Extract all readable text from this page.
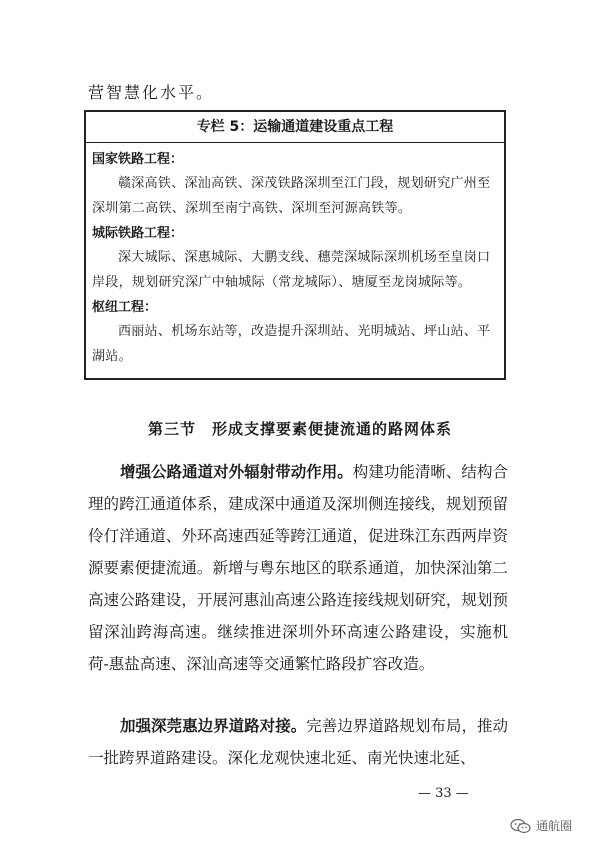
营智慧化水平。
专栏 5：运输通道建设重点工程
国家铁路工程：
赣深高铁、深汕高铁、深茂铁路深圳至江门段，规划研究广州至深圳第二高铁、深圳至南宁高铁、深圳至河源高铁等。
城际铁路工程：
深大城际、深惠城际、大鹏支线、穗莞深城际深圳机场至皇岗口岸段，规划研究深广中轴城际（常龙城际）、塘厦至龙岗城际等。
枢纽工程：
西丽站、机场东站等，改造提升深圳站、光明城站、坪山站、平湖站。
第三节　形成支撑要素便捷流通的路网体系
增强公路通道对外辐射带动作用。构建功能清晰、结构合理的跨江通道体系，建成深中通道及深圳侧连接线，规划预留伶仃洋通道、外环高速西延等跨江通道，促进珠江东西两岸资源要素便捷流通。新增与粤东地区的联系通道，加快深汕第二高速公路建设，开展河惠汕高速公路连接线规划研究，规划预留深汕跨海高速。继续推进深圳外环高速公路建设，实施机荷-惠盐高速、深汕高速等交通繁忙路段扩容改造。
加强深莞惠边界道路对接。完善边界道路规划布局，推动一批跨界道路建设。深化龙观快速北延、南光快速北延、
— 33 —
通航圈
